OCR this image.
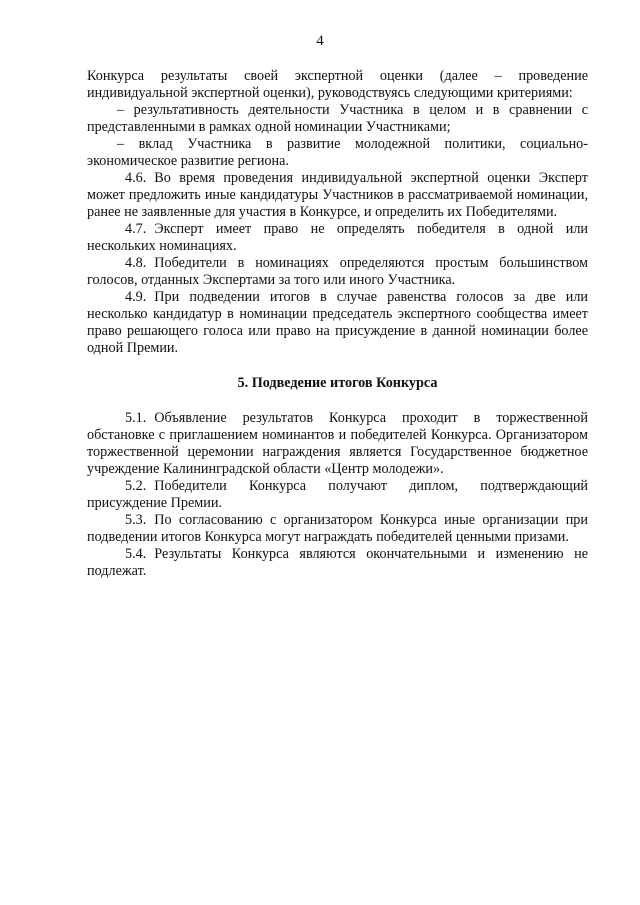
4

Конкурса результаты своей экспертной оценки (далее – проведение индивидуальной экспертной оценки), руководствуясь следующими критериями:

– результативность деятельности Участника в целом и в сравнении с представленными в рамках одной номинации Участниками;

– вклад Участника в развитие молодежной политики, социально-экономическое развитие региона.

4.6. Во время проведения индивидуальной экспертной оценки Эксперт может предложить иные кандидатуры Участников в рассматриваемой номинации, ранее не заявленные для участия в Конкурсе, и определить их Победителями.

4.7. Эксперт имеет право не определять победителя в одной или нескольких номинациях.

4.8. Победители в номинациях определяются простым большинством голосов, отданных Экспертами за того или иного Участника.

4.9. При подведении итогов в случае равенства голосов за две или несколько кандидатур в номинации председатель экспертного сообщества имеет право решающего голоса или право на присуждение в данной номинации более одной Премии.

5. Подведение итогов Конкурса

5.1. Объявление результатов Конкурса проходит в торжественной обстановке с приглашением номинантов и победителей Конкурса. Организатором торжественной церемонии награждения является Государственное бюджетное учреждение Калининградской области «Центр молодежи».

5.2. Победители Конкурса получают диплом, подтверждающий присуждение Премии.

5.3. По согласованию с организатором Конкурса иные организации при подведении итогов Конкурса могут награждать победителей ценными призами.

5.4. Результаты Конкурса являются окончательными и изменению не подлежат.
